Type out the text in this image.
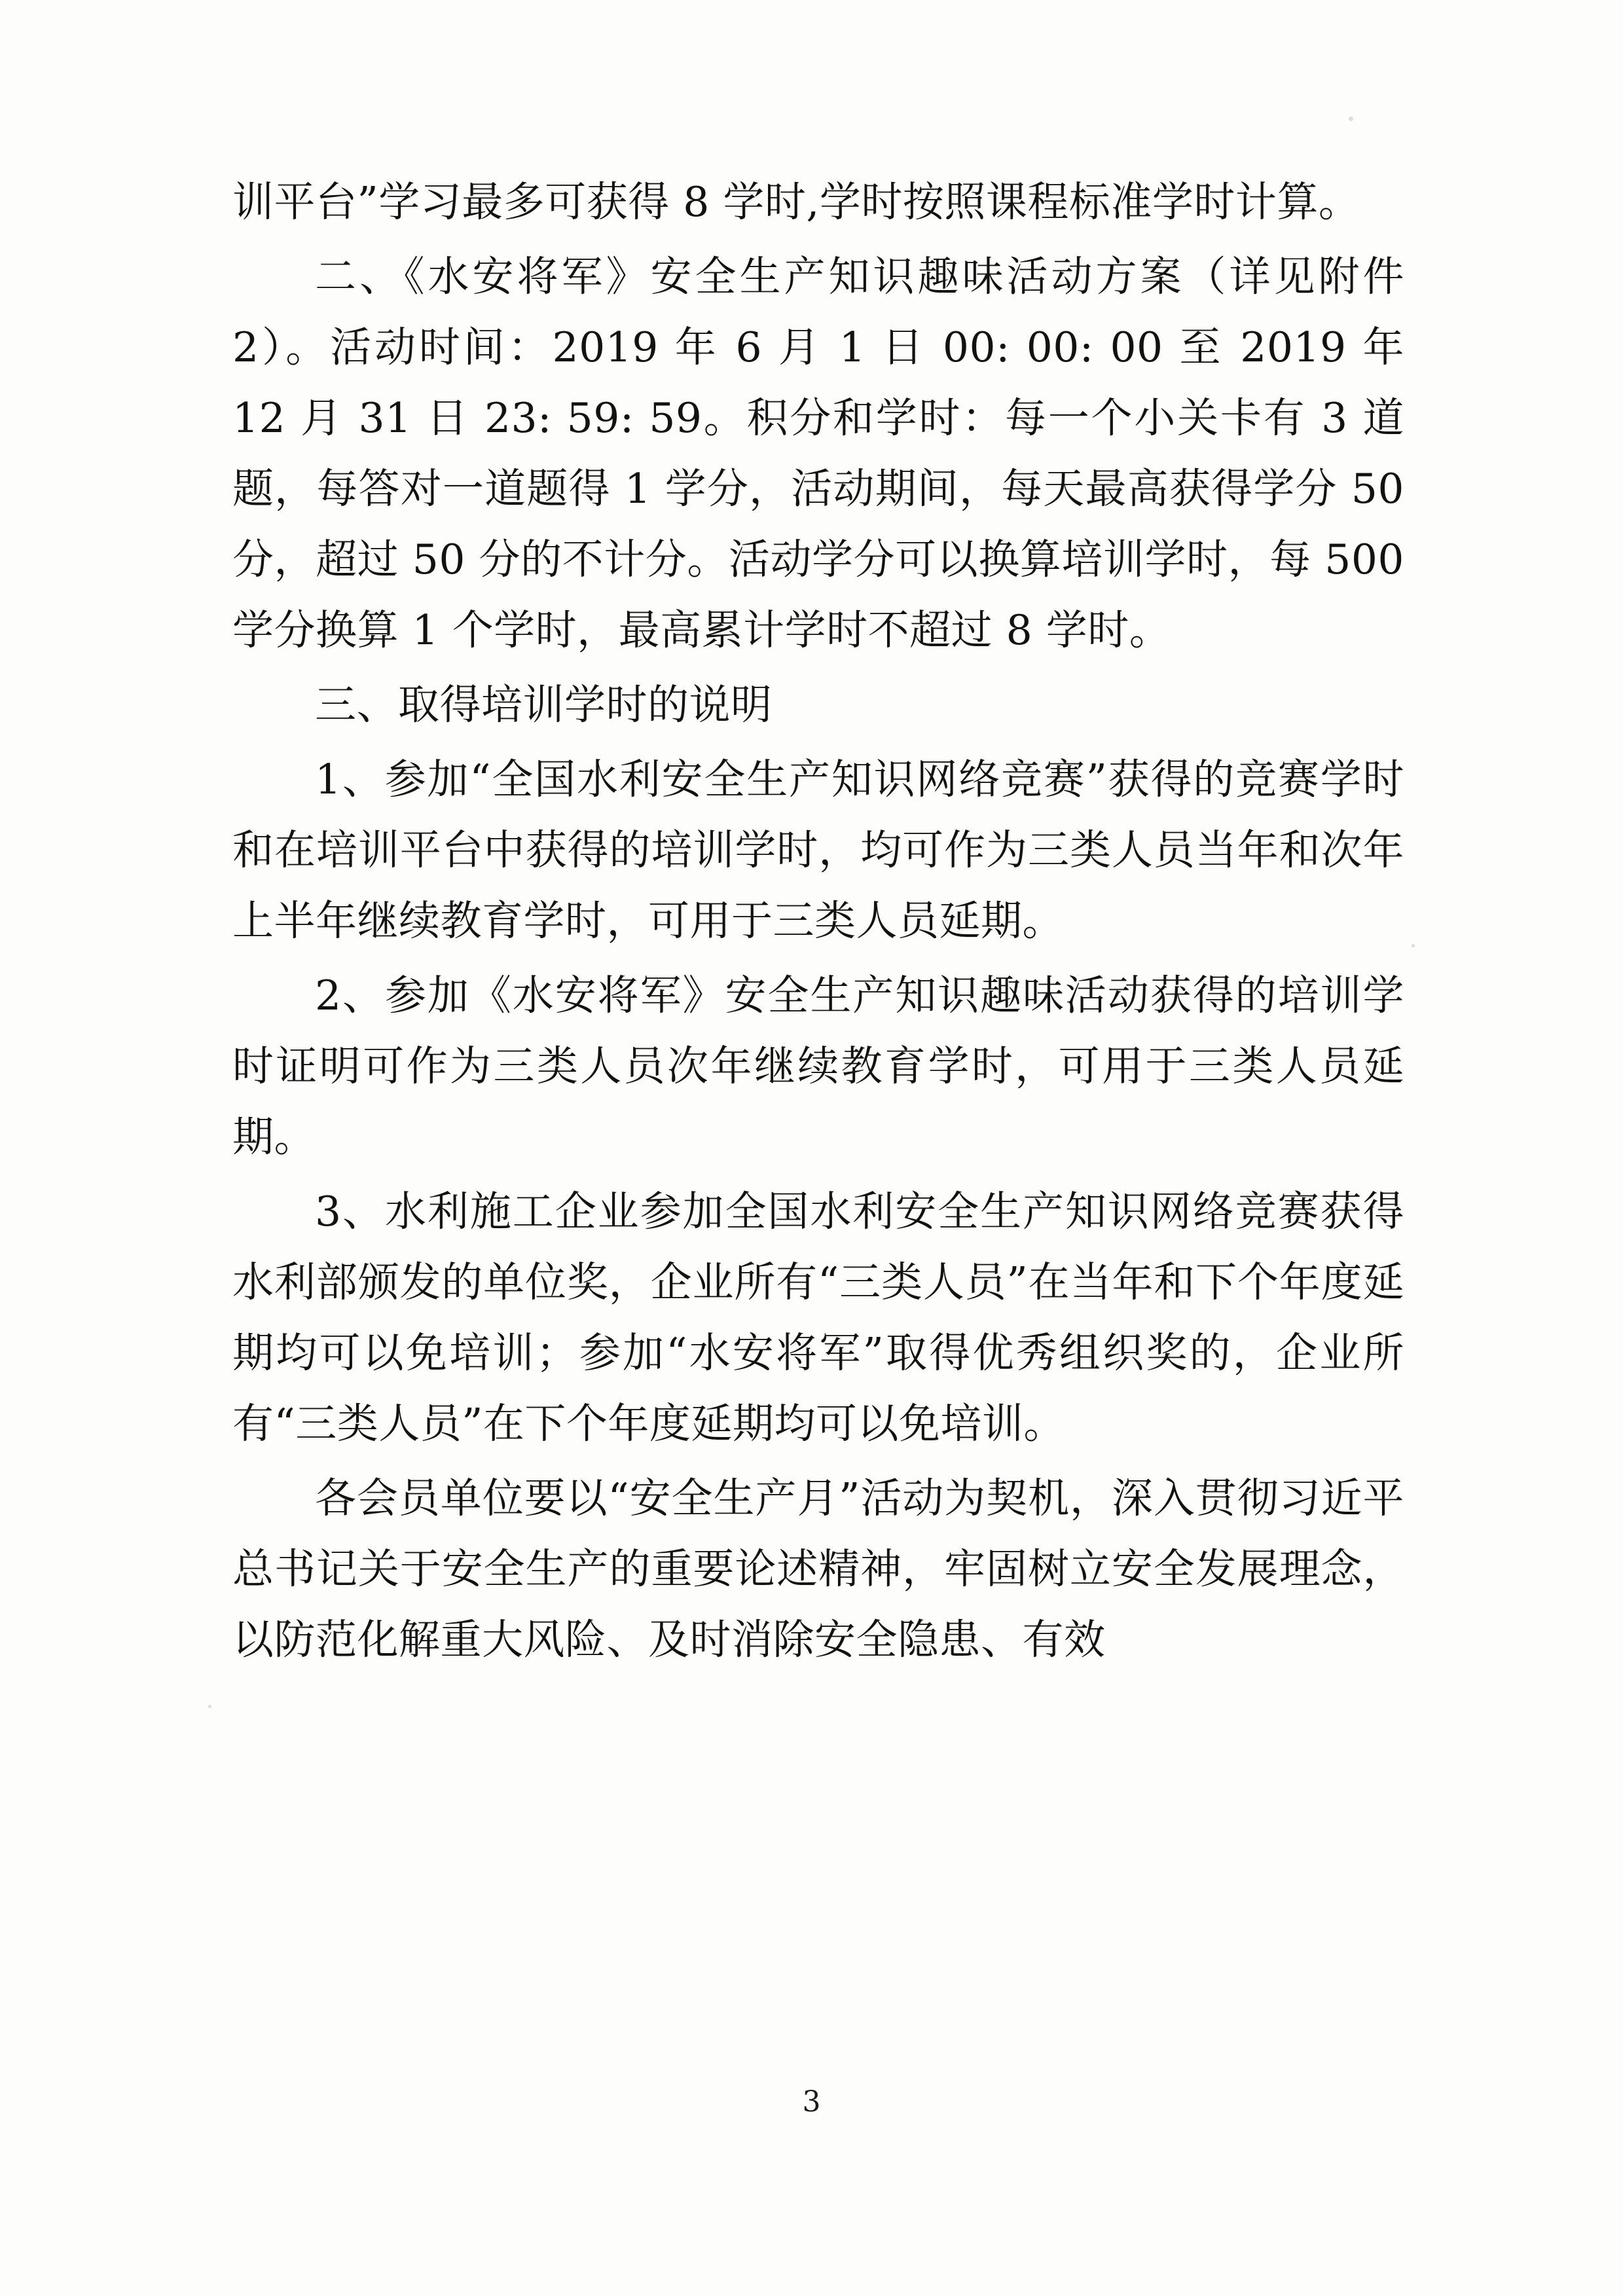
训平台”学习最多可获得 8 学时,学时按照课程标准学时计算。

二、《水安将军》安全生产知识趣味活动方案（详见附件 2）。活动时间：2019 年 6 月 1 日 00: 00: 00 至 2019 年 12 月 31 日 23: 59: 59。积分和学时：每一个小关卡有 3 道题，每答对一道题得 1 学分，活动期间，每天最高获得学分 50 分，超过 50 分的不计分。活动学分可以换算培训学时，每 500 学分换算 1 个学时，最高累计学时不超过 8 学时。

三、取得培训学时的说明

1、参加“全国水利安全生产知识网络竞赛”获得的竞赛学时和在培训平台中获得的培训学时，均可作为三类人员当年和次年上半年继续教育学时，可用于三类人员延期。

2、参加《水安将军》安全生产知识趣味活动获得的培训学时证明可作为三类人员次年继续教育学时，可用于三类人员延期。

3、水利施工企业参加全国水利安全生产知识网络竞赛获得水利部颁发的单位奖，企业所有“三类人员”在当年和下个年度延期均可以免培训；参加“水安将军”取得优秀组织奖的，企业所有“三类人员”在下个年度延期均可以免培训。

各会员单位要以“安全生产月”活动为契机，深入贯彻习近平总书记关于安全生产的重要论述精神，牢固树立安全发展理念，以防范化解重大风险、及时消除安全隐患、有效

3
